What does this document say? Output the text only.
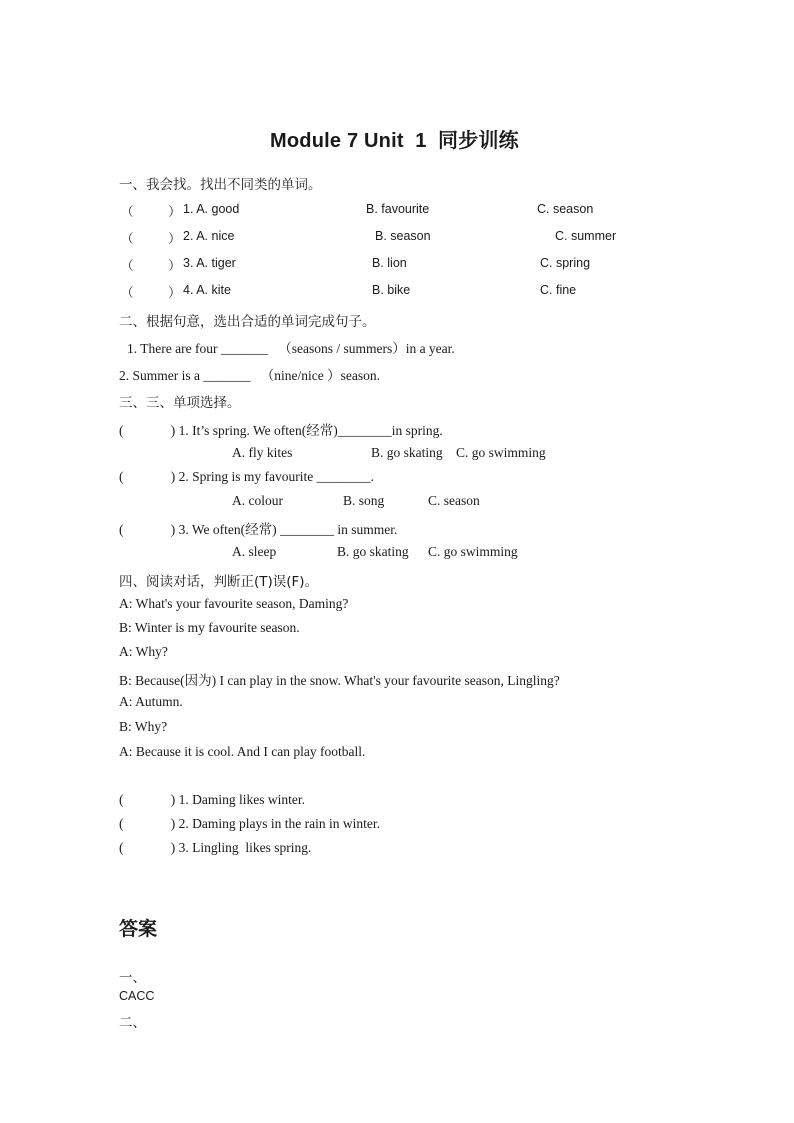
Module 7 Unit  1  同步训练
一、我会找。找出不同类的单词。
（          ） 1. A. good	B. favourite	C. season
（          ） 2. A. nice	B. season	C. summer
（          ） 3. A. tiger	B. lion	C. spring
（          ） 4. A. kite	B. bike	C. fine
二、根据句意，选出合适的单词完成句子。
1. There are four _______   （seasons / summers）in a year.
2. Summer is a _______   （nine/nice ）season.
三、三、单项选择。
(              ) 1. It’s spring. We often(经常)________in spring.
A. fly kites	B. go skating C. go swimming
(              ) 2. Spring is my favourite ________.
A. colour	B. song	C. season
(              ) 3. We often(经常) ________ in summer.
A. sleep	B. go skating C. go swimming
四、阅读对话，判断正(T)误(F)。
A: What's your favourite season, Daming?
B: Winter is my favourite season.
A: Why?
B: Because(因为) I can play in the snow. What's your favourite season, Lingling?
A: Autumn.
B: Why?
A: Because it is cool. And I can play football.
(              ) 1. Daming likes winter.
(              ) 2. Daming plays in the rain in winter.
(              ) 3. Lingling  likes spring.
答案
一、
CACC
二、
